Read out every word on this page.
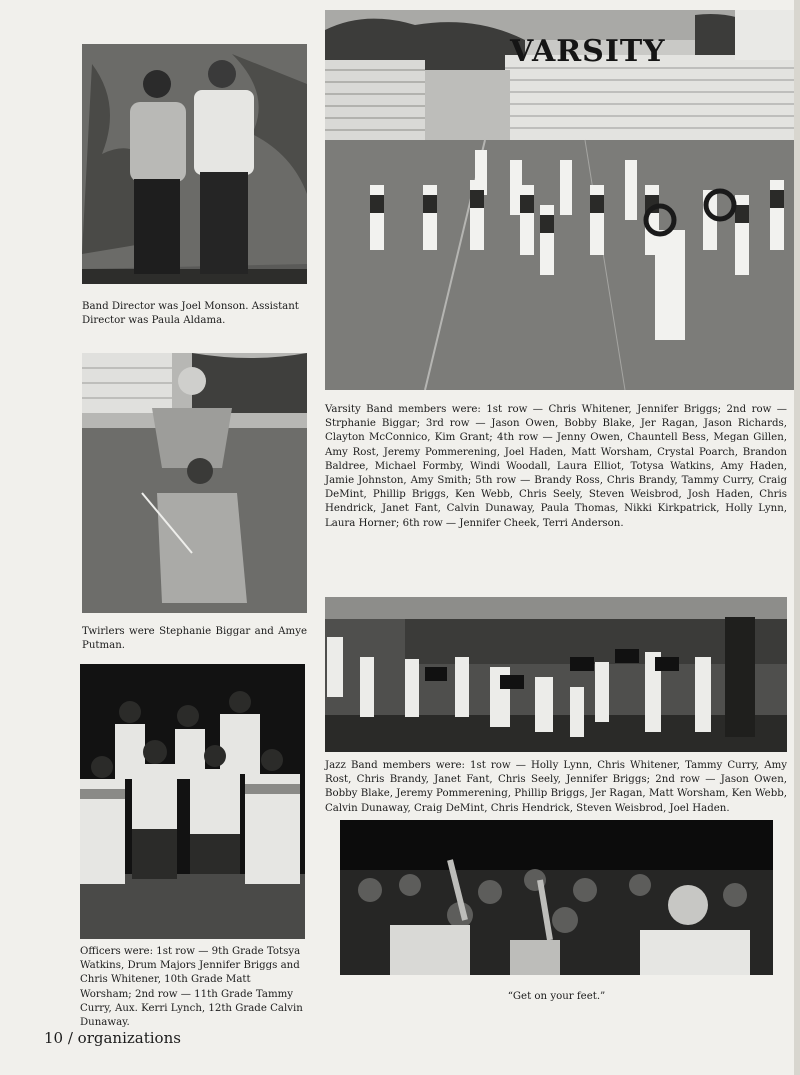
Band Director was Joel Monson. Assistant Director was Paula Aldama.

VARSITY

Varsity Band members were: 1st row — Chris Whitener, Jennifer Briggs; 2nd row — Strphanie Biggar; 3rd row — Jason Owen, Bobby Blake, Jer Ragan, Jason Richards, Clayton McConnico, Kim Grant; 4th row — Jenny Owen, Chauntell Bess, Megan Gillen, Amy Rost, Jeremy Pommerening, Joel Haden, Matt Worsham, Crystal Poarch, Brandon Baldree, Michael Formby, Windi Woodall, Laura Elliot, Totysa Watkins, Amy Haden, Jamie Johnston, Amy Smith; 5th row — Brandy Ross, Chris Brandy, Tammy Curry, Craig DeMint, Phillip Briggs, Ken Webb, Chris Seely, Steven Weisbrod, Josh Haden, Chris Hendrick, Janet Fant, Calvin Dunaway, Paula Thomas, Nikki Kirkpatrick, Holly Lynn, Laura Horner; 6th row — Jennifer Cheek, Terri Anderson.

Twirlers were Stephanie Biggar and Amye Putman.

Jazz Band members were: 1st row — Holly Lynn, Chris Whitener, Tammy Curry, Amy Rost, Chris Brandy, Janet Fant, Chris Seely, Jennifer Briggs; 2nd row — Jason Owen, Bobby Blake, Jeremy Pommerening, Phillip Briggs, Jer Ragan, Matt Worsham, Ken Webb, Calvin Dunaway, Craig DeMint, Chris Hendrick, Steven Weisbrod, Joel Haden.

Officers were: 1st row — 9th Grade Totsya Watkins, Drum Majors Jennifer Briggs and Chris Whitener, 10th Grade Matt Worsham; 2nd row — 11th Grade Tammy Curry, Aux. Kerri Lynch, 12th Grade Calvin Dunaway.

“Get on your feet.”

10 / organizations
